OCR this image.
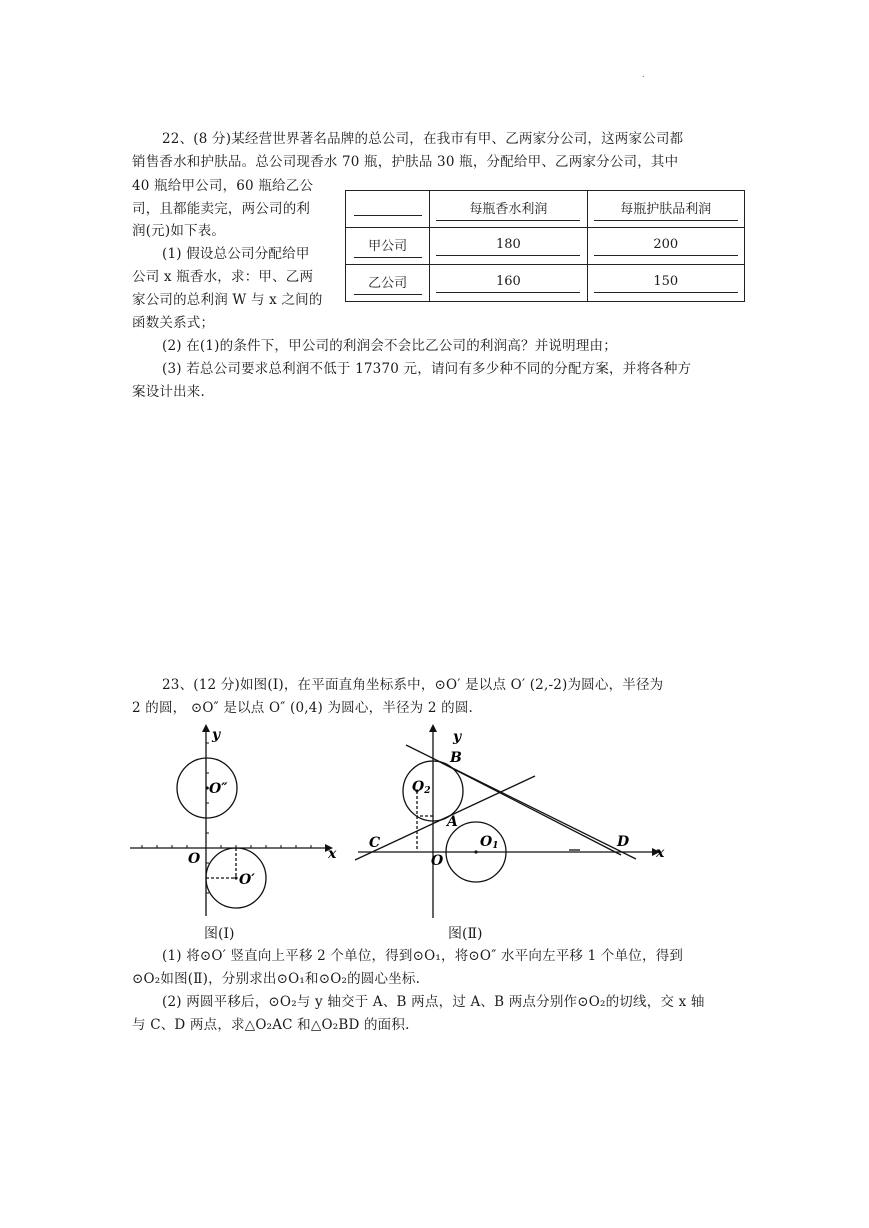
.
22、(8 分)某经营世界著名品牌的总公司，在我市有甲、乙两家分公司，这两家公司都
销售香水和护肤品。总公司现香水 70 瓶，护肤品 30 瓶，分配给甲、乙两家分公司，其中
40 瓶给甲公司，60 瓶给乙公
司，且都能卖完，两公司的利
润(元)如下表。
(1) 假设总公司分配给甲
公司 x 瓶香水，求：甲、乙两
家公司的总利润 W 与 x 之间的
函数关系式；
(2) 在(1)的条件下，甲公司的利润会不会比乙公司的利润高？并说明理由；
(3) 若总公司要求总利润不低于 17370 元，请问有多少种不同的分配方案，并将各种方
案设计出来.
	每瓶香水利润	每瓶护肤品利润
甲公司	180	200
乙公司	160	150
23、(12 分)如图(Ⅰ)，在平面直角坐标系中，⊙O′ 是以点 O′ (2,-2)为圆心，半径为
2 的圆， ⊙O″ 是以点 O″ (0,4) 为圆心，半径为 2 的圆.
y
x
O
O″
O′
图(Ⅰ)
y
x
O
B
A
C	D
O2
O1
图(Ⅱ)
(1) 将⊙O′ 竖直向上平移 2 个单位，得到⊙O₁，将⊙O″ 水平向左平移 1 个单位，得到
⊙O₂如图(Ⅱ)，分别求出⊙O₁和⊙O₂的圆心坐标.
(2) 两圆平移后，⊙O₂与 y 轴交于 A、B 两点，过 A、B 两点分别作⊙O₂的切线，交 x 轴
与 C、D 两点，求△O₂AC 和△O₂BD 的面积.
